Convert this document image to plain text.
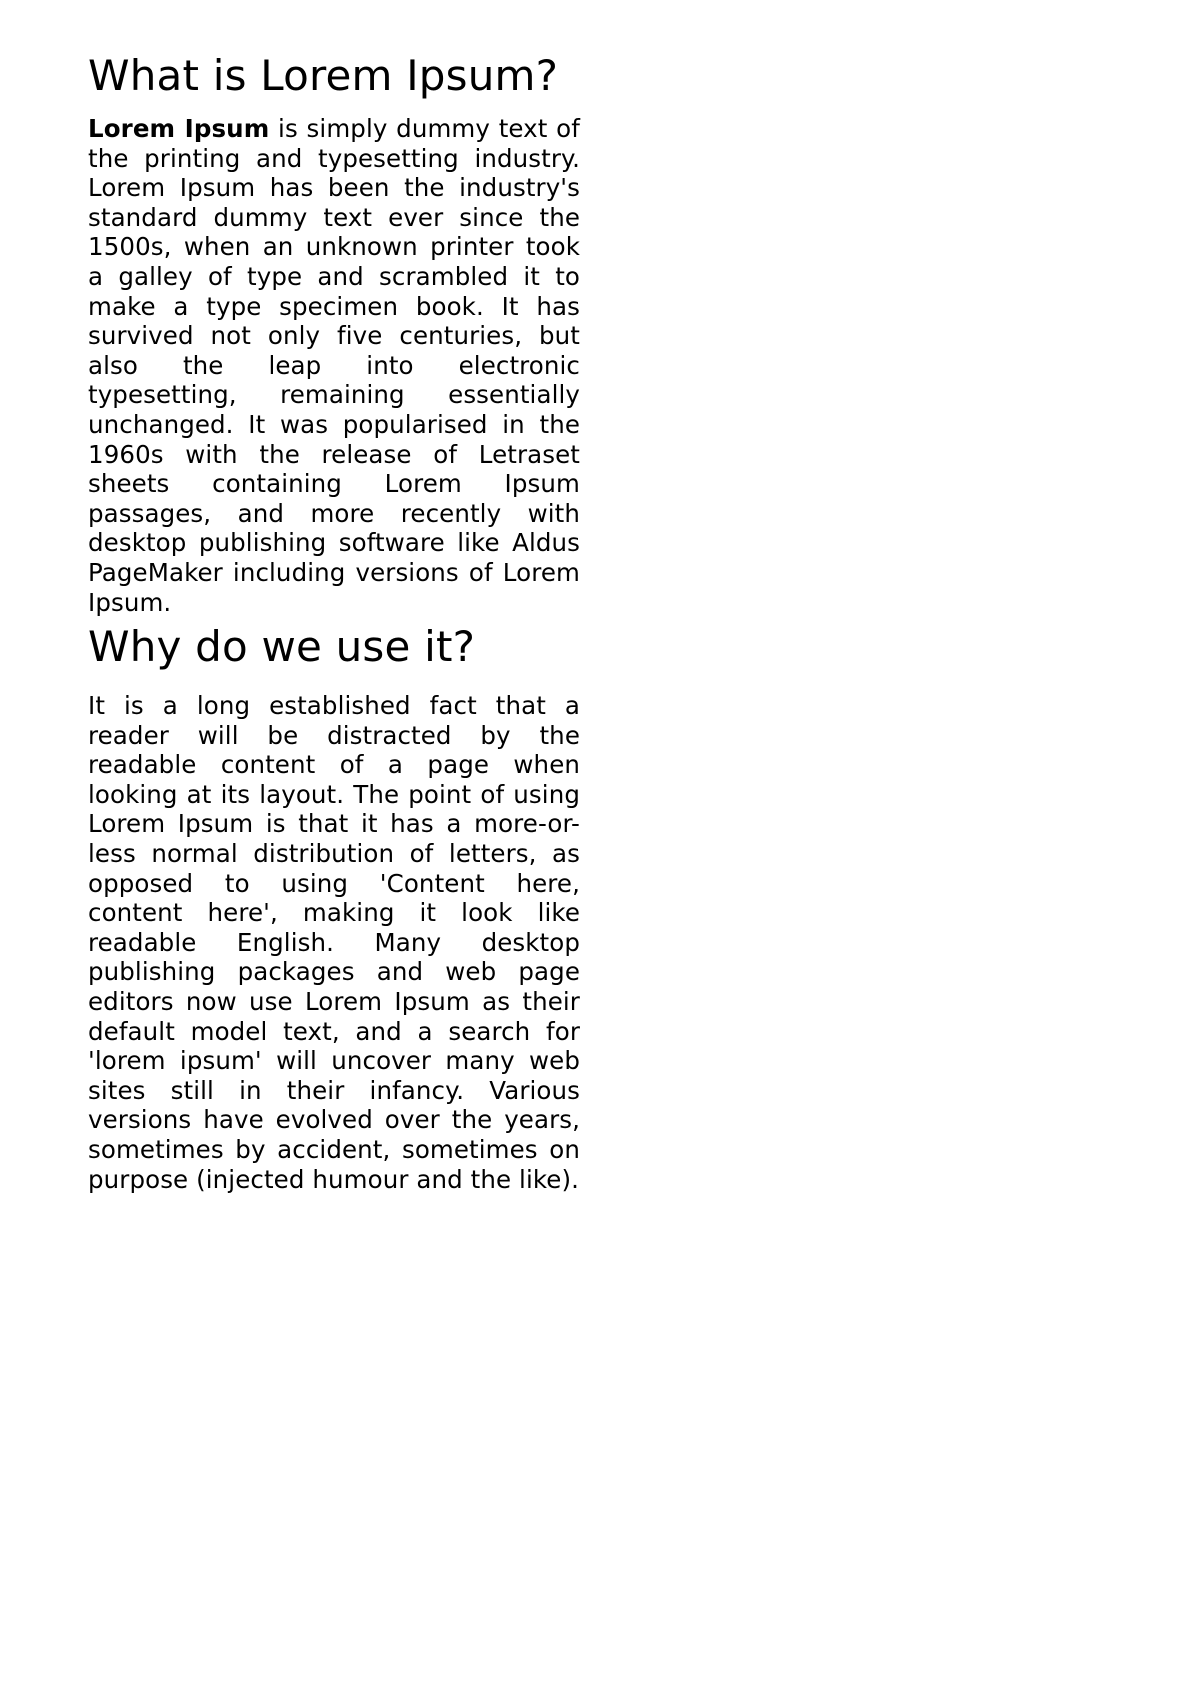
What is Lorem Ipsum?

Lorem Ipsum is simply dummy text of the printing and typesetting industry. Lorem Ipsum has been the industry's standard dummy text ever since the 1500s, when an unknown printer took a galley of type and scrambled it to make a type specimen book. It has survived not only five centuries, but also the leap into electronic typesetting, remaining essentially unchanged. It was popularised in the 1960s with the release of Letraset sheets containing Lorem Ipsum passages, and more recently with desktop publishing software like Aldus PageMaker including versions of Lorem Ipsum.

Why do we use it?

It is a long established fact that a reader will be distracted by the readable content of a page when looking at its layout. The point of using Lorem Ipsum is that it has a more-or-less normal distribution of letters, as opposed to using 'Content here, content here', making it look like readable English. Many desktop publishing packages and web page editors now use Lorem Ipsum as their default model text, and a search for 'lorem ipsum' will uncover many web sites still in their infancy. Various versions have evolved over the years, sometimes by accident, sometimes on purpose (injected humour and the like).
